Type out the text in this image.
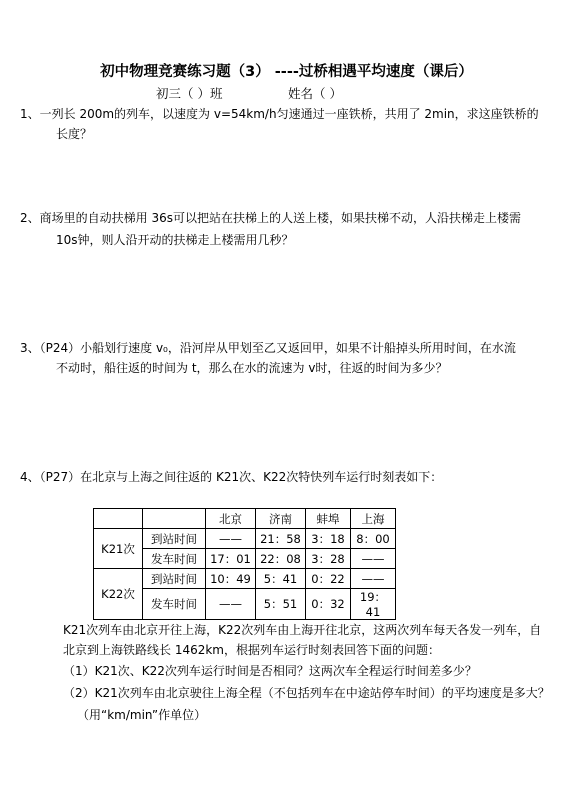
初中物理竞赛练习题（3） ----过桥相遇平均速度（课后）
初三（ ）班	姓名（ ）
1、一列长 200m的列车，以速度为 v=54km/h匀速通过一座铁桥，共用了 2min，求这座铁桥的
长度？
2、商场里的自动扶梯用 36s可以把站在扶梯上的人送上楼，如果扶梯不动，人沿扶梯走上楼需
10s钟，则人沿开动的扶梯走上楼需用几秒？
3、（P24）小船划行速度 v₀，沿河岸从甲划至乙又返回甲，如果不计船掉头所用时间，在水流
不动时，船往返的时间为 t，那么在水的流速为 v时，往返的时间为多少？
4、（P27）在北京与上海之间往返的 K21次、K22次特快列车运行时刻表如下：
		北京	济南	蚌埠	上海
K21次	到站时间	——	21：58	3：18	8：00
	发车时间	17：01	22：08	3：28	——
K22次	到站时间	10：49	5：41	0：22	——
	发车时间	——	5：51	0：32	19：41
K21次列车由北京开往上海，K22次列车由上海开往北京，这两次列车每天各发一列车，自
北京到上海铁路线长 1462km，根据列车运行时刻表回答下面的问题：
（1）K21次、K22次列车运行时间是否相同？这两次车全程运行时间差多少？
（2）K21次列车由北京驶往上海全程（不包括列车在中途站停车时间）的平均速度是多大？
（用“km/min”作单位）
